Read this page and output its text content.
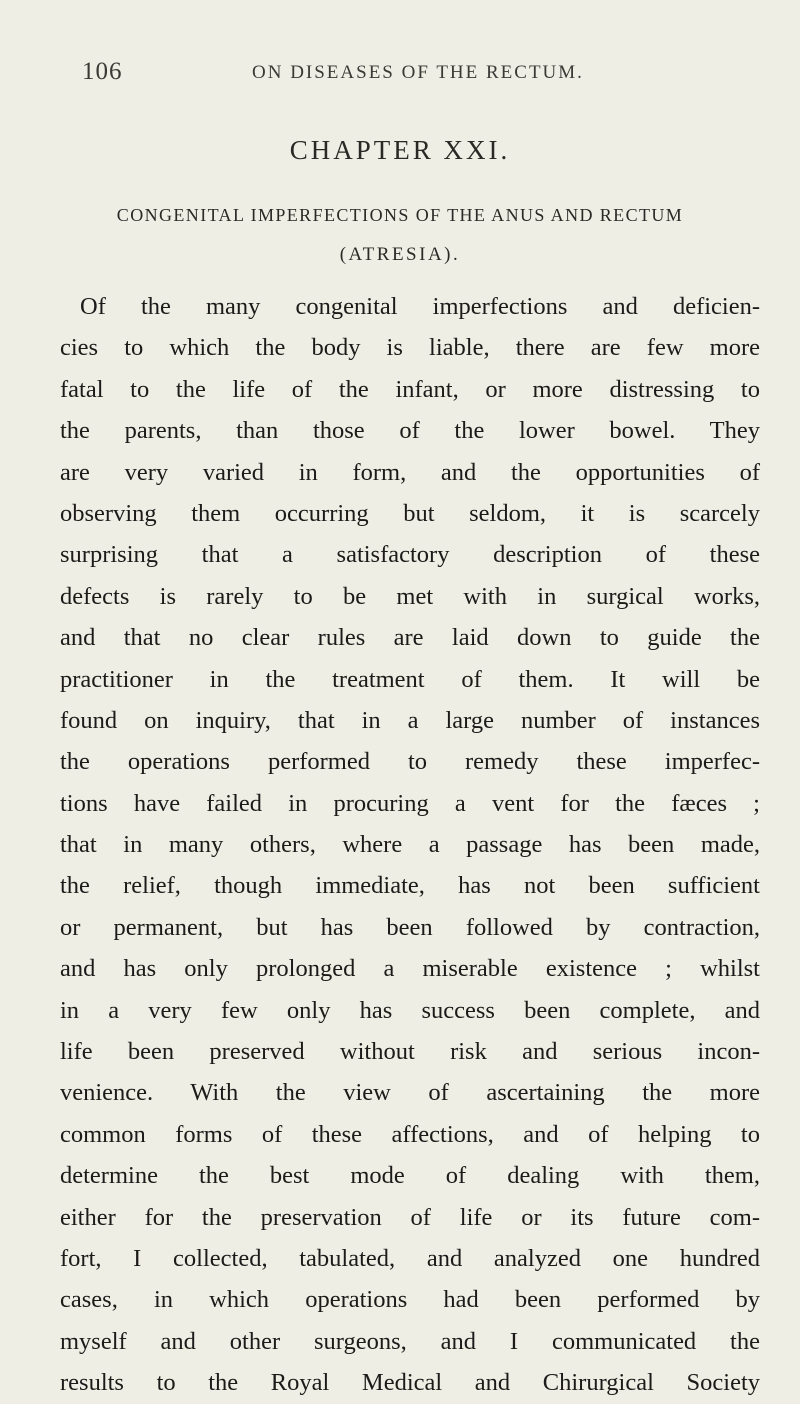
106	ON DISEASES OF THE RECTUM.
CHAPTER XXI.
CONGENITAL IMPERFECTIONS OF THE ANUS AND RECTUM
(ATRESIA).
Of the many congenital imperfections and deficien-
cies to which the body is liable, there are few more
fatal to the life of the infant, or more distressing to
the parents, than those of the lower bowel. They
are very varied in form, and the opportunities of
observing them occurring but seldom, it is scarcely
surprising that a satisfactory description of these
defects is rarely to be met with in surgical works,
and that no clear rules are laid down to guide the
practitioner in the treatment of them. It will be
found on inquiry, that in a large number of instances
the operations performed to remedy these imperfec-
tions have failed in procuring a vent for the fæces ;
that in many others, where a passage has been made,
the relief, though immediate, has not been sufficient
or permanent, but has been followed by contraction,
and has only prolonged a miserable existence ; whilst
in a very few only has success been complete, and
life been preserved without risk and serious incon-
venience. With the view of ascertaining the more
common forms of these affections, and of helping to
determine the best mode of dealing with them,
either for the preservation of life or its future com-
fort, I collected, tabulated, and analyzed one hundred
cases, in which operations had been performed by
myself and other surgeons, and I communicated the
results to the Royal Medical and Chirurgical Society
